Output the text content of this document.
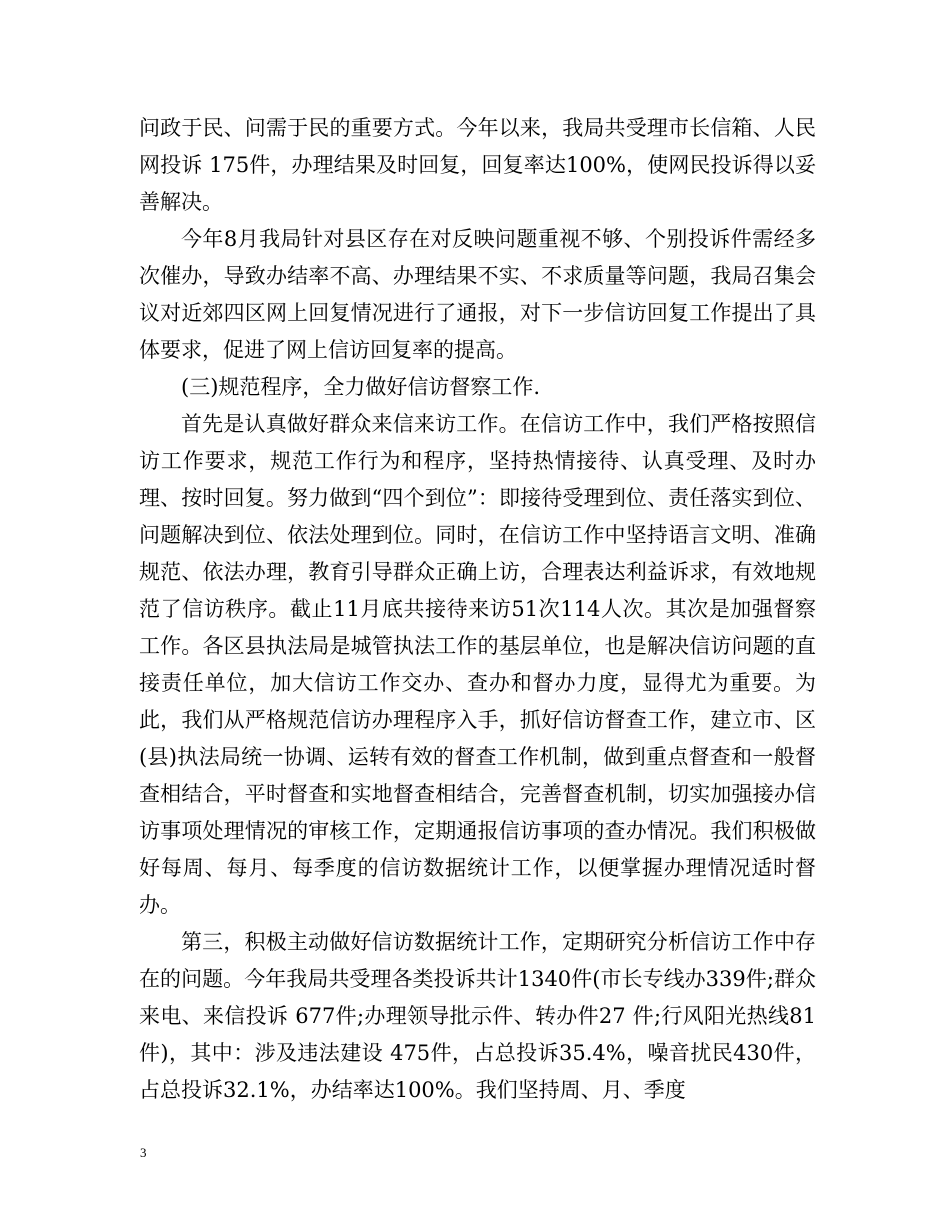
问政于民、问需于民的重要方式。今年以来，我局共受理市长信箱、人民网投诉 175件，办理结果及时回复，回复率达100%，使网民投诉得以妥善解决。

今年8月我局针对县区存在对反映问题重视不够、个别投诉件需经多次催办，导致办结率不高、办理结果不实、不求质量等问题，我局召集会议对近郊四区网上回复情况进行了通报，对下一步信访回复工作提出了具体要求，促进了网上信访回复率的提高。

(三)规范程序，全力做好信访督察工作.

首先是认真做好群众来信来访工作。在信访工作中，我们严格按照信访工作要求，规范工作行为和程序，坚持热情接待、认真受理、及时办理、按时回复。努力做到“四个到位”：即接待受理到位、责任落实到位、问题解决到位、依法处理到位。同时，在信访工作中坚持语言文明、准确规范、依法办理，教育引导群众正确上访，合理表达利益诉求，有效地规范了信访秩序。截止11月底共接待来访51次114人次。其次是加强督察工作。各区县执法局是城管执法工作的基层单位，也是解决信访问题的直接责任单位，加大信访工作交办、查办和督办力度，显得尤为重要。为此，我们从严格规范信访办理程序入手，抓好信访督查工作，建立市、区(县)执法局统一协调、运转有效的督查工作机制，做到重点督查和一般督查相结合，平时督查和实地督查相结合，完善督查机制，切实加强接办信访事项处理情况的审核工作，定期通报信访事项的查办情况。我们积极做好每周、每月、每季度的信访数据统计工作，以便掌握办理情况适时督办。

第三，积极主动做好信访数据统计工作，定期研究分析信访工作中存在的问题。今年我局共受理各类投诉共计1340件(市长专线办339件;群众来电、来信投诉 677件;办理领导批示件、转办件27 件;行风阳光热线81件)，其中：涉及违法建设 475件，占总投诉35.4%，噪音扰民430件，占总投诉32.1%，办结率达100%。我们坚持周、月、季度

3
